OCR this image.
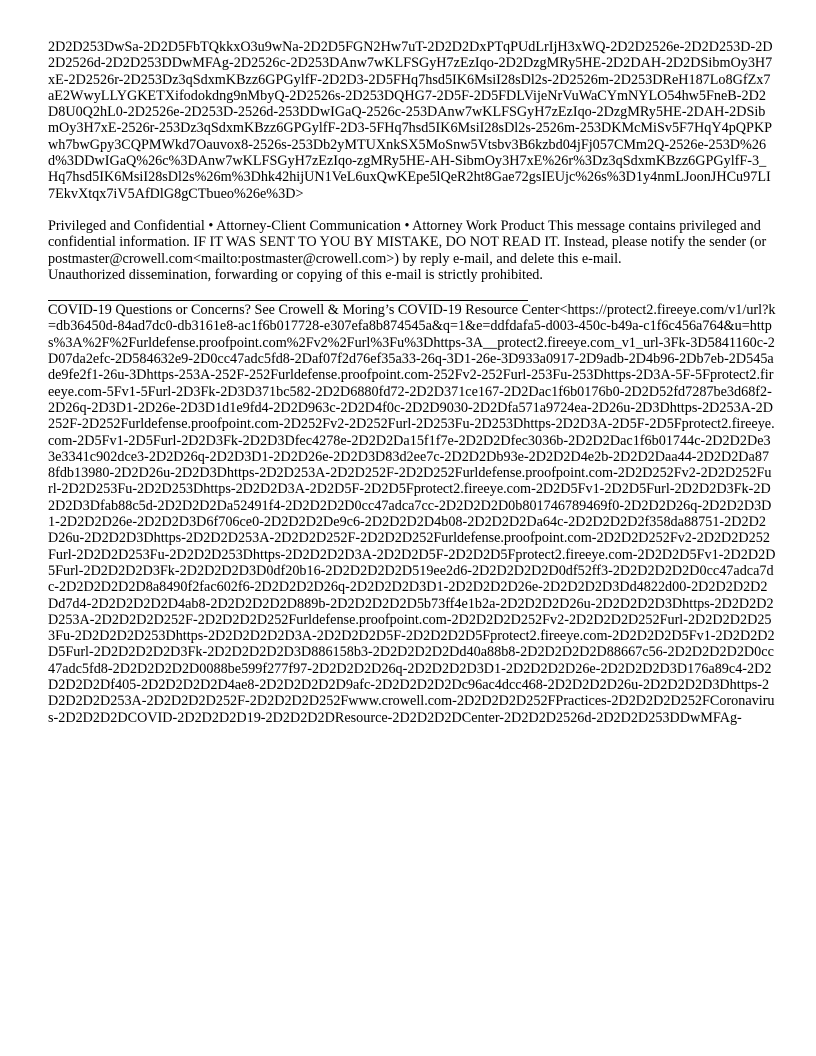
2D2D253DwSa-2D2D5FbTQkkxO3u9wNa-2D2D5FGN2Hw7uT-2D2D2DxPTqPUdLrIjH3xWQ-2D2D2526e-2D2D253D-2D2D2526d-2D2D253DDwMFAg-2D2526c-2D253DAnw7wKLFSGyH7zEzIqo-2D2DzgMRy5HE-2D2DAH-2D2DSibmOy3H7xE-2D2526r-2D253Dz3qSdxmKBzz6GPGylfF-2D2D3-2D5FHq7hsd5IK6MsiI28sDl2s-2D2526m-2D253DReH187Lo8GfZx7aE2WwyLLYGKETXifodokdng9nMbyQ-2D2526s-2D253DQHG7-2D5F-2D5FDLVijeNrVuWaCYmNYLO54hw5FneB-2D2D8U0Q2hL0-2D2526e-2D253D-2526d-253DDwIGaQ-2526c-253DAnw7wKLFSGyH7zEzIqo-2DzgMRy5HE-2DAH-2DSibmOy3H7xE-2526r-253Dz3qSdxmKBzz6GPGylfF-2D3-5FHq7hsd5IK6MsiI28sDl2s-2526m-253DKMcMiSv5F7HqY4pQPKPwh7bwGpy3CQPMWkd7Oauvox8-2526s-253Db2yMTUXnkSX5MoSnw5Vtsbv3B6kzbd04jFj057CMm2Q-2526e-253D%26d%3DDwIGaQ%26c%3DAnw7wKLFSGyH7zEzIqo-zgMRy5HE-AH-SibmOy3H7xE%26r%3Dz3qSdxmKBzz6GPGylfF-3_Hq7hsd5IK6MsiI28sDl2s%26m%3Dhk42hijUN1VeL6uxQwKEpe5lQeR2ht8Gae72gsIEUjc%26s%3D1y4nmLJoonJHCu97LI7EkvXtqx7iV5AfDlG8gCTbueo%26e%3D>

Privileged and Confidential • Attorney-Client Communication • Attorney Work Product This message contains privileged and confidential information. IF IT WAS SENT TO YOU BY MISTAKE, DO NOT READ IT. Instead, please notify the sender (or postmaster@crowell.com<mailto:postmaster@crowell.com>) by reply e-mail, and delete this e-mail.

Unauthorized dissemination, forwarding or copying of this e-mail is strictly prohibited.

COVID-19 Questions or Concerns? See Crowell & Moring’s COVID-19 Resource Center<https://protect2.fireeye.com/v1/url?k=db36450d-84ad7dc0-db3161e8-ac1f6b017728-e307efa8b874545a&q=1&e=ddfdafa5-d003-450c-b49a-c1f6c456a764&u=https%3A%2F%2Furldefense.proofpoint.com%2Fv2%2Furl%3Fu%3Dhttps-3A__protect2.fireeye.com_v1_url-3Fk-3D5841160c-2D07da2efc-2D584632e9-2D0cc47adc5fd8-2Daf07f2d76ef35a33-26q-3D1-26e-3D933a0917-2D9adb-2D4b96-2Db7eb-2D545ade9fe2f1-26u-3Dhttps-253A-252F-252Furldefense.proofpoint.com-252Fv2-252Furl-253Fu-253Dhttps-2D3A-5F-5Fprotect2.fireeye.com-5Fv1-5Furl-2D3Fk-2D3D371bc582-2D2D6880fd72-2D2D371ce167-2D2Dac1f6b0176b0-2D2D52fd7287be3d68f2-2D26q-2D3D1-2D26e-2D3D1d1e9fd4-2D2D963c-2D2D4f0c-2D2D9030-2D2Dfa571a9724ea-2D26u-2D3Dhttps-2D253A-2D252F-2D252Furldefense.proofpoint.com-2D252Fv2-2D252Furl-2D253Fu-2D253Dhttps-2D2D3A-2D5F-2D5Fprotect2.fireeye.com-2D5Fv1-2D5Furl-2D2D3Fk-2D2D3Dfec4278e-2D2D2Da15f1f7e-2D2D2Dfec3036b-2D2D2Dac1f6b01744c-2D2D2De33e3341c902dce3-2D2D26q-2D2D3D1-2D2D26e-2D2D3D83d2ee7c-2D2D2Db93e-2D2D2D4e2b-2D2D2Daa44-2D2D2Da878fdb13980-2D2D26u-2D2D3Dhttps-2D2D253A-2D2D252F-2D2D252Furldefense.proofpoint.com-2D2D252Fv2-2D2D252Furl-2D2D253Fu-2D2D253Dhttps-2D2D2D3A-2D2D5F-2D2D5Fprotect2.fireeye.com-2D2D5Fv1-2D2D5Furl-2D2D2D3Fk-2D2D2D3Dfab88c5d-2D2D2D2Da52491f4-2D2D2D2D0cc47adca7cc-2D2D2D2D0b801746789469f0-2D2D2D26q-2D2D2D3D1-2D2D2D26e-2D2D2D3D6f706ce0-2D2D2D2De9c6-2D2D2D2D4b08-2D2D2D2Da64c-2D2D2D2D2f358da88751-2D2D2D26u-2D2D2D3Dhttps-2D2D2D253A-2D2D2D252F-2D2D2D252Furldefense.proofpoint.com-2D2D2D252Fv2-2D2D2D252Furl-2D2D2D253Fu-2D2D2D253Dhttps-2D2D2D2D3A-2D2D2D5F-2D2D2D5Fprotect2.fireeye.com-2D2D2D5Fv1-2D2D2D5Furl-2D2D2D2D3Fk-2D2D2D2D3D0df20b16-2D2D2D2D2D519ee2d6-2D2D2D2D2D0df52ff3-2D2D2D2D2D0cc47adca7dc-2D2D2D2D2D8a8490f2fac602f6-2D2D2D2D26q-2D2D2D2D3D1-2D2D2D2D26e-2D2D2D2D3Dd4822d00-2D2D2D2D2Dd7d4-2D2D2D2D2D4ab8-2D2D2D2D2D889b-2D2D2D2D2D5b73ff4e1b2a-2D2D2D2D26u-2D2D2D2D3Dhttps-2D2D2D2D253A-2D2D2D2D252F-2D2D2D2D252Furldefense.proofpoint.com-2D2D2D2D252Fv2-2D2D2D2D252Furl-2D2D2D2D253Fu-2D2D2D2D253Dhttps-2D2D2D2D2D3A-2D2D2D2D5F-2D2D2D2D5Fprotect2.fireeye.com-2D2D2D2D5Fv1-2D2D2D2D5Furl-2D2D2D2D2D3Fk-2D2D2D2D2D3D886158b3-2D2D2D2D2Dd40a88b8-2D2D2D2D2D88667c56-2D2D2D2D2D0cc47adc5fd8-2D2D2D2D2D0088be599f277f97-2D2D2D2D26q-2D2D2D2D3D1-2D2D2D2D26e-2D2D2D2D3D176a89c4-2D2D2D2D2Df405-2D2D2D2D2D4ae8-2D2D2D2D2D9afc-2D2D2D2D2Dc96ac4dcc468-2D2D2D2D26u-2D2D2D2D3Dhttps-2D2D2D2D253A-2D2D2D2D252F-2D2D2D2D252Fwww.crowell.com-2D2D2D2D252FPractices-2D2D2D2D252FCoronavirus-2D2D2D2DCOVID-2D2D2D2D19-2D2D2D2DResource-2D2D2D2DCenter-2D2D2D2526d-2D2D2D253DDwMFAg-
